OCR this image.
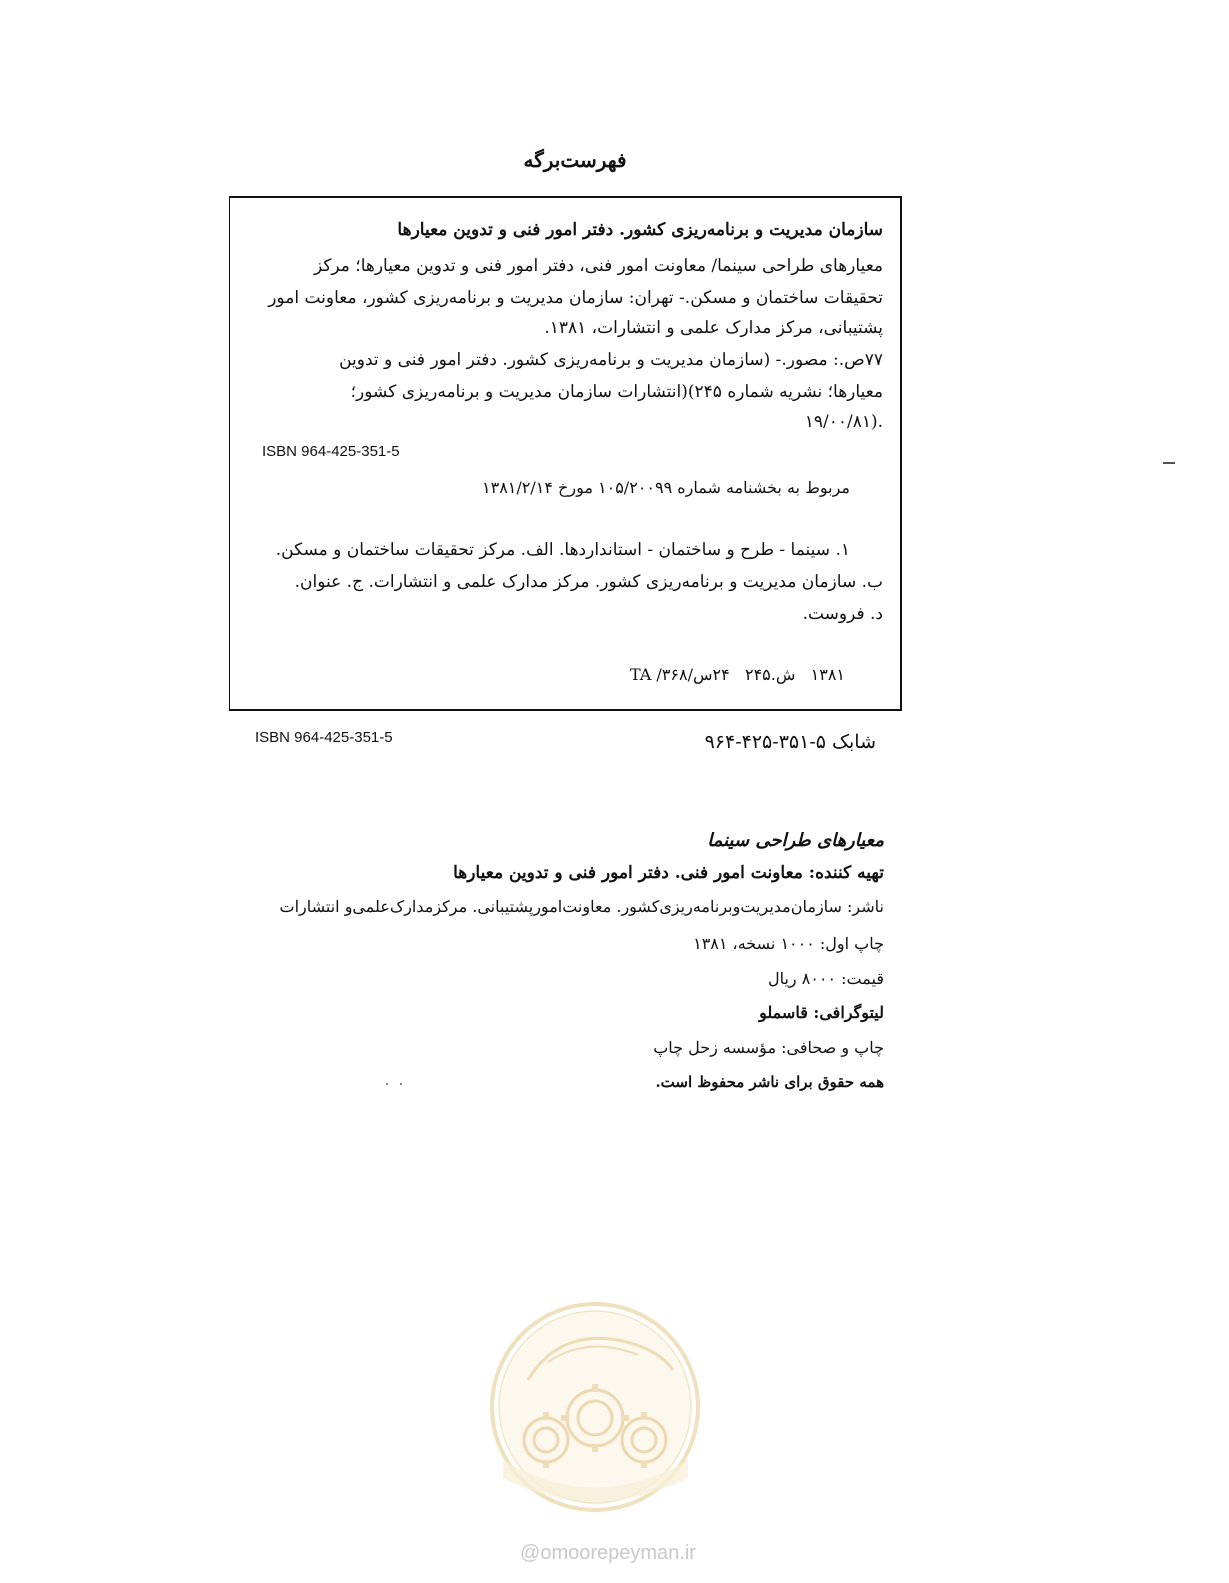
فهرست‌برگه
سازمان مدیریت و برنامه‌ریزی کشور. دفتر امور فنی و تدوین معیارها
معیارهای طراحی سینما/ معاونت امور فنی، دفتر امور فنی و تدوین معیارها؛ مرکز
تحقیقات ساختمان و مسکن.- تهران: سازمان مدیریت و برنامه‌ریزی کشور، معاونت امور
پشتیبانی، مرکز مدارک علمی و انتشارات، ۱۳۸۱.
۷۷ص.: مصور.- (سازمان مدیریت و برنامه‌ریزی کشور. دفتر امور فنی و تدوین
معیارها؛ نشریه شماره ۲۴۵)(انتشارات سازمان مدیریت و برنامه‌ریزی کشور؛
۱۹/۰۰/۸۱).
ISBN 964-425-351-5
مربوط به بخشنامه شماره ۱۰۵/۲۰۰۹۹ مورخ ۱۳۸۱/۲/۱۴
۱. سینما - طرح و ساختمان - استانداردها. الف. مرکز تحقیقات ساختمان و مسکن.
ب. سازمان مدیریت و برنامه‌ریزی کشور. مرکز مدارک علمی و انتشارات. ج. عنوان.
د. فروست.
۱۳۸۱   ش.۲۴۵   ۲۴س/۳۶۸/ TA
ISBN 964-425-351-5	شابک ۵-۳۵۱-۴۲۵-۹۶۴
معیارهای طراحی سینما
تهیه کننده: معاونت امور فنی. دفتر امور فنی و تدوین معیارها
ناشر: سازمان‌مدیریت‌وبرنامه‌ریزی‌کشور. معاونت‌امورپشتیبانی. مرکزمدارک‌علمی‌و انتشارات
چاپ اول: ۱۰۰۰ نسخه، ۱۳۸۱
قیمت: ۸۰۰۰ ریال
لیتوگرافی: قاسملو
چاپ و صحافی: مؤسسه زحل چاپ
همه حقوق برای ناشر محفوظ است.
@omoorepeyman.ir
